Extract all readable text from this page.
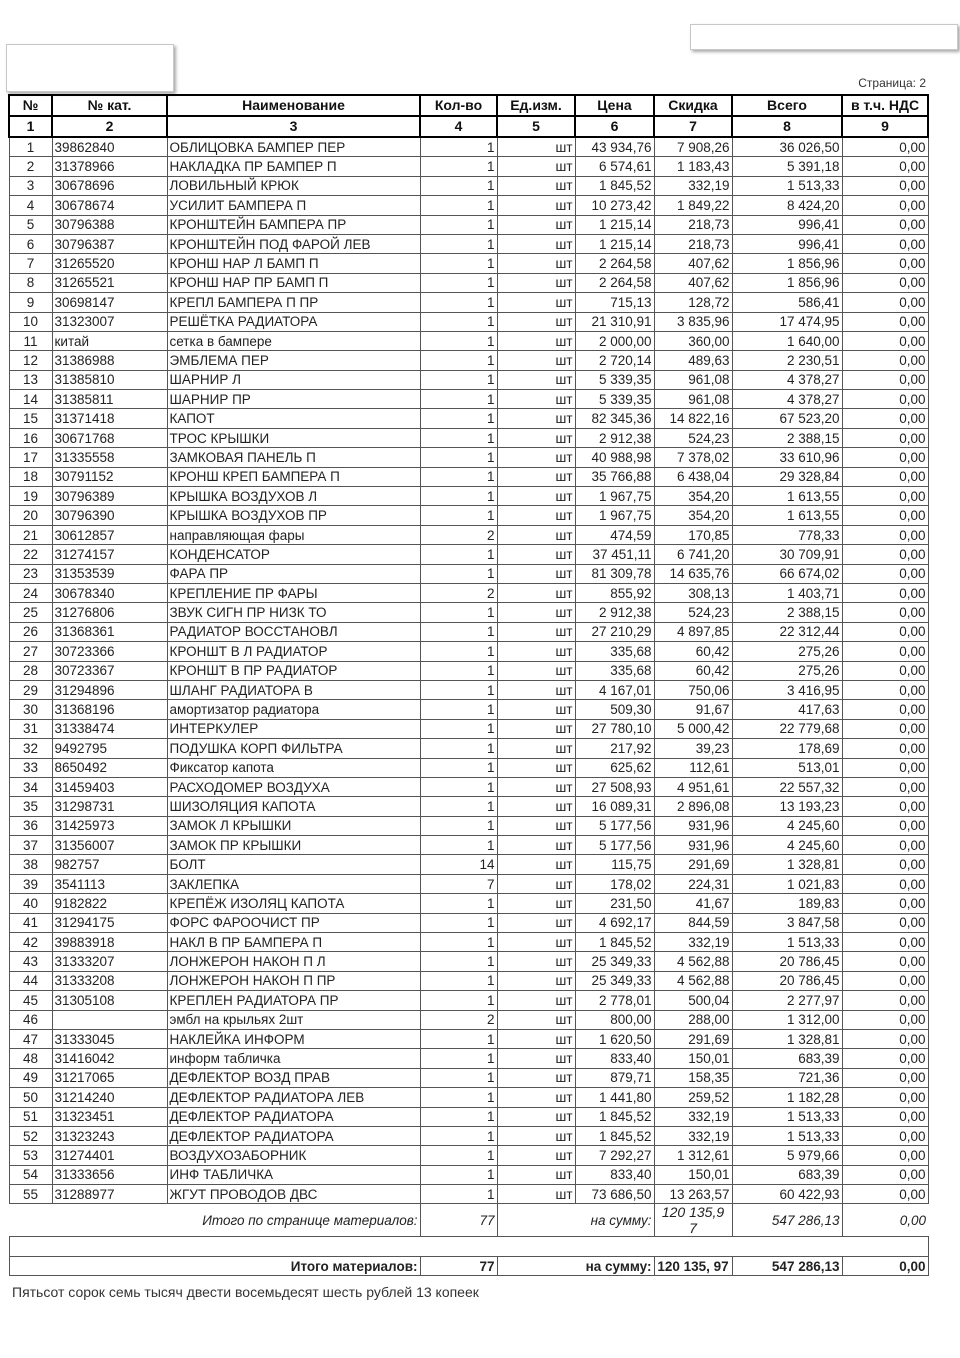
Страница: 2
№	№ кат.	Наименование	Кол-во	Ед.изм.	Цена	Скидка	Всего	в т.ч. НДС
1	2	3	4	5	6	7	8	9
1	39862840	ОБЛИЦОВКА БАМПЕР ПЕР	1	шт	43 934,76	7 908,26	36 026,50	0,00
2	31378966	НАКЛАДКА ПР БАМПЕР П	1	шт	6 574,61	1 183,43	5 391,18	0,00
3	30678696	ЛОВИЛЬНЫЙ КРЮК	1	шт	1 845,52	332,19	1 513,33	0,00
4	30678674	УСИЛИТ БАМПЕРА П	1	шт	10 273,42	1 849,22	8 424,20	0,00
5	30796388	КРОНШТЕЙН БАМПЕРА ПР	1	шт	1 215,14	218,73	996,41	0,00
6	30796387	КРОНШТЕЙН ПОД ФАРОЙ ЛЕВ	1	шт	1 215,14	218,73	996,41	0,00
7	31265520	КРОНШ НАР Л БАМП П	1	шт	2 264,58	407,62	1 856,96	0,00
8	31265521	КРОНШ НАР ПР БАМП П	1	шт	2 264,58	407,62	1 856,96	0,00
9	30698147	КРЕПЛ БАМПЕРА П ПР	1	шт	715,13	128,72	586,41	0,00
10	31323007	РЕШЁТКА РАДИАТОРА	1	шт	21 310,91	3 835,96	17 474,95	0,00
11	китай	сетка в бампере	1	шт	2 000,00	360,00	1 640,00	0,00
12	31386988	ЭМБЛЕМА ПЕР	1	шт	2 720,14	489,63	2 230,51	0,00
13	31385810	ШАРНИР Л	1	шт	5 339,35	961,08	4 378,27	0,00
14	31385811	ШАРНИР ПР	1	шт	5 339,35	961,08	4 378,27	0,00
15	31371418	КАПОТ	1	шт	82 345,36	14 822,16	67 523,20	0,00
16	30671768	ТРОС КРЫШКИ	1	шт	2 912,38	524,23	2 388,15	0,00
17	31335558	ЗАМКОВАЯ ПАНЕЛЬ П	1	шт	40 988,98	7 378,02	33 610,96	0,00
18	30791152	КРОНШ КРЕП БАМПЕРА П	1	шт	35 766,88	6 438,04	29 328,84	0,00
19	30796389	КРЫШКА ВОЗДУХОВ Л	1	шт	1 967,75	354,20	1 613,55	0,00
20	30796390	КРЫШКА ВОЗДУХОВ ПР	1	шт	1 967,75	354,20	1 613,55	0,00
21	30612857	направляющая фары	2	шт	474,59	170,85	778,33	0,00
22	31274157	КОНДЕНСАТОР	1	шт	37 451,11	6 741,20	30 709,91	0,00
23	31353539	ФАРА ПР	1	шт	81 309,78	14 635,76	66 674,02	0,00
24	30678340	КРЕПЛЕНИЕ ПР ФАРЫ	2	шт	855,92	308,13	1 403,71	0,00
25	31276806	ЗВУК СИГН ПР НИЗК ТО	1	шт	2 912,38	524,23	2 388,15	0,00
26	31368361	РАДИАТОР ВОССТАНОВЛ	1	шт	27 210,29	4 897,85	22 312,44	0,00
27	30723366	КРОНШТ В Л РАДИАТОР	1	шт	335,68	60,42	275,26	0,00
28	30723367	КРОНШТ В ПР РАДИАТОР	1	шт	335,68	60,42	275,26	0,00
29	31294896	ШЛАНГ РАДИАТОРА В	1	шт	4 167,01	750,06	3 416,95	0,00
30	31368196	амортизатор радиатора	1	шт	509,30	91,67	417,63	0,00
31	31338474	ИНТЕРКУЛЕР	1	шт	27 780,10	5 000,42	22 779,68	0,00
32	9492795	ПОДУШКА КОРП ФИЛЬТРА	1	шт	217,92	39,23	178,69	0,00
33	8650492	Фиксатор капота	1	шт	625,62	112,61	513,01	0,00
34	31459403	РАСХОДОМЕР ВОЗДУХА	1	шт	27 508,93	4 951,61	22 557,32	0,00
35	31298731	ШИЗОЛЯЦИЯ КАПОТА	1	шт	16 089,31	2 896,08	13 193,23	0,00
36	31425973	ЗАМОК Л КРЫШКИ	1	шт	5 177,56	931,96	4 245,60	0,00
37	31356007	ЗАМОК ПР КРЫШКИ	1	шт	5 177,56	931,96	4 245,60	0,00
38	982757	БОЛТ	14	шт	115,75	291,69	1 328,81	0,00
39	3541113	ЗАКЛЕПКА	7	шт	178,02	224,31	1 021,83	0,00
40	9182822	КРЕПЁЖ ИЗОЛЯЦ КАПОТА	1	шт	231,50	41,67	189,83	0,00
41	31294175	ФОРС ФАРООЧИСТ ПР	1	шт	4 692,17	844,59	3 847,58	0,00
42	39883918	НАКЛ В ПР БАМПЕРА П	1	шт	1 845,52	332,19	1 513,33	0,00
43	31333207	ЛОНЖЕРОН НАКОН П Л	1	шт	25 349,33	4 562,88	20 786,45	0,00
44	31333208	ЛОНЖЕРОН НАКОН П ПР	1	шт	25 349,33	4 562,88	20 786,45	0,00
45	31305108	КРЕПЛЕН РАДИАТОРА ПР	1	шт	2 778,01	500,04	2 277,97	0,00
46		эмбл на крыльях 2шт	2	шт	800,00	288,00	1 312,00	0,00
47	31333045	НАКЛЕЙКА ИНФОРМ	1	шт	1 620,50	291,69	1 328,81	0,00
48	31416042	информ табличка	1	шт	833,40	150,01	683,39	0,00
49	31217065	ДЕФЛЕКТОР ВОЗД ПРАВ	1	шт	879,71	158,35	721,36	0,00
50	31214240	ДЕФЛЕКТОР РАДИАТОРА ЛЕВ	1	шт	1 441,80	259,52	1 182,28	0,00
51	31323451	ДЕФЛЕКТОР РАДИАТОРА	1	шт	1 845,52	332,19	1 513,33	0,00
52	31323243	ДЕФЛЕКТОР РАДИАТОРА	1	шт	1 845,52	332,19	1 513,33	0,00
53	31274401	ВОЗДУХОЗАБОРНИК	1	шт	7 292,27	1 312,61	5 979,66	0,00
54	31333656	ИНФ ТАБЛИЧКА	1	шт	833,40	150,01	683,39	0,00
55	31288977	ЖГУТ ПРОВОДОВ ДВС	1	шт	73 686,50	13 263,57	60 422,93	0,00
Итого по странице материалов:			77	на сумму:		120 135,9 7	547 286,13	0,00

Итого материалов:			77	на сумму:		120 135, 97	547 286,13	0,00
Пятьсот сорок семь тысяч двести восемьдесят шесть рублей 13 копеек
